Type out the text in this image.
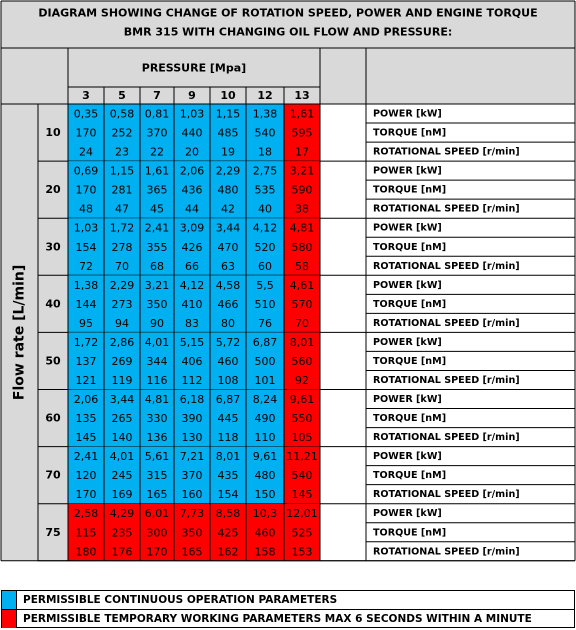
DIAGRAM SHOWING CHANGE OF ROTATION SPEED, POWER AND ENGINE TORQUE
BMR 315 WITH CHANGING OIL FLOW AND PRESSURE:
PRESSURE [Mpa]
3	5 7 9 10 12 13
Flow rate [L/min]
10
0,35 0,58 0,81 1,03 1,15 1,38 1,61	POWER [kW]
170 252 370 440 485 540 595	TORQUE [nM]
24 23 22 20 19 18 17	ROTATIONAL SPEED [r/min]
20
0,69 1,15 1,61 2,06 2,29 2,75 3,21	POWER [kW]
170 281 365 436 480 535 590	TORQUE [nM]
48 47 45 44 42 40 38	ROTATIONAL SPEED [r/min]
30
1,03 1,72 2,41 3,09 3,44 4,12 4,81	POWER [kW]
154 278 355 426 470 520 580	TORQUE [nM]
72 70 68 66 63 60 58	ROTATIONAL SPEED [r/min]
40
1,38 2,29 3,21 4,12 4,58 5,5 4,61	POWER [kW]
144 273 350 410 466 510 570	TORQUE [nM]
95 94 90 83 80 76 70	ROTATIONAL SPEED [r/min]
50
1,72 2,86 4,01 5,15 5,72 6,87 8,01	POWER [kW]
137 269 344 406 460 500 560	TORQUE [nM]
121 119 116 112 108 101 92	ROTATIONAL SPEED [r/min]
60
2,06 3,44 4,81 6,18 6,87 8,24 9,61	POWER [kW]
135 265 330 390 445 490 550	TORQUE [nM]
145 140 136 130 118 110 105	ROTATIONAL SPEED [r/min]
70
2,41 4,01 5,61 7,21 8,01 9,61 11,21	POWER [kW]
120 245 315 370 435 480 540	TORQUE [nM]
170 169 165 160 154 150 145	ROTATIONAL SPEED [r/min]
75
2,58 4,29 6,01 7,73 8,58 10,3 12,01	POWER [kW]
115 235 300 350 425 460 525	TORQUE [nM]
180 176 170 165 162 158 153	ROTATIONAL SPEED [r/min]
PERMISSIBLE CONTINUOUS OPERATION PARAMETERS
PERMISSIBLE TEMPORARY WORKING PARAMETERS MAX 6 SECONDS WITHIN A MINUTE
